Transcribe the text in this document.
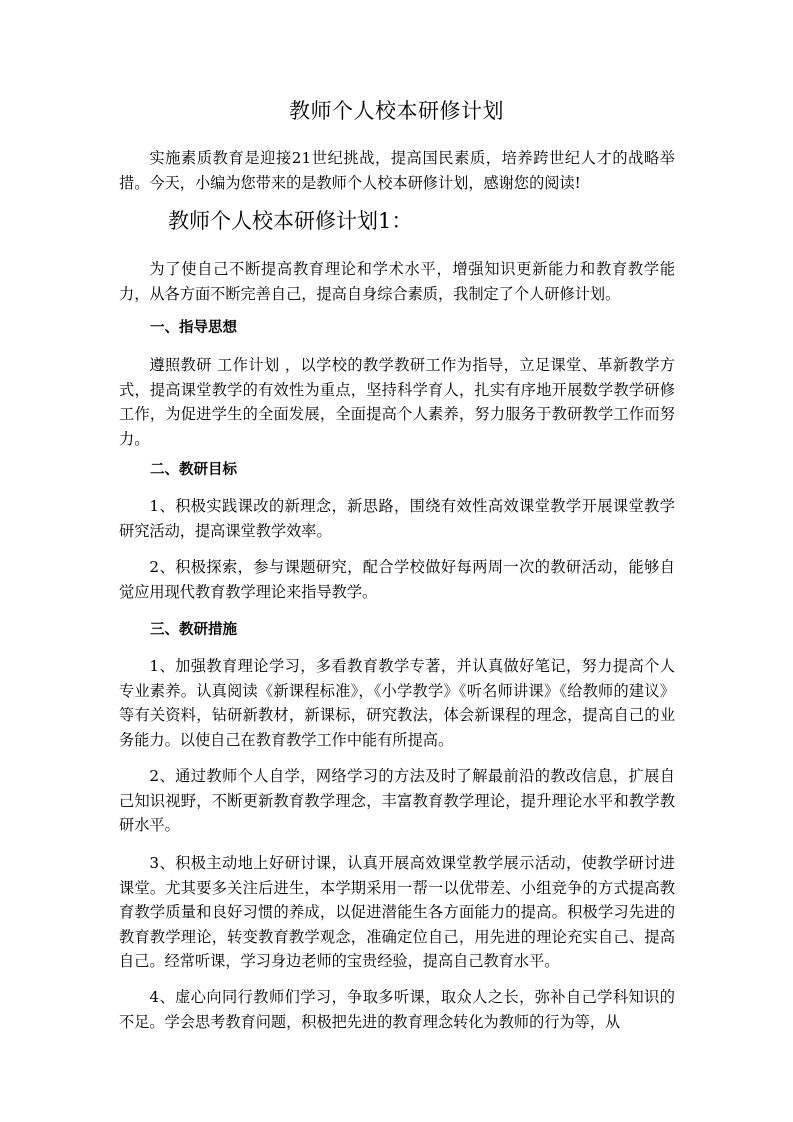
教师个人校本研修计划

实施素质教育是迎接21世纪挑战，提高国民素质，培养跨世纪人才的战略举措。今天，小编为您带来的是教师个人校本研修计划，感谢您的阅读!

教师个人校本研修计划1：

为了使自己不断提高教育理论和学术水平，增强知识更新能力和教育教学能力，从各方面不断完善自己，提高自身综合素质，我制定了个人研修计划。

一、指导思想

遵照教研 工作计划 ，以学校的教学教研工作为指导，立足课堂、革新教学方式，提高课堂教学的有效性为重点，坚持科学育人，扎实有序地开展数学教学研修工作，为促进学生的全面发展，全面提高个人素养，努力服务于教研教学工作而努力。

二、教研目标

1、积极实践课改的新理念，新思路，围绕有效性高效课堂教学开展课堂教学研究活动，提高课堂教学效率。

2、积极探索，参与课题研究，配合学校做好每两周一次的教研活动，能够自觉应用现代教育教学理论来指导教学。

三、教研措施

1、加强教育理论学习，多看教育教学专著，并认真做好笔记，努力提高个人专业素养。认真阅读《新课程标准》，《小学教学》《听名师讲课》《给教师的建议》等有关资料，钻研新教材，新课标，研究教法，体会新课程的理念，提高自己的业务能力。以使自己在教育教学工作中能有所提高。

2、通过教师个人自学，网络学习的方法及时了解最前沿的教改信息，扩展自己知识视野，不断更新教育教学理念，丰富教育教学理论，提升理论水平和教学教研水平。

3、积极主动地上好研讨课，认真开展高效课堂教学展示活动，使教学研讨进课堂。尤其要多关注后进生，本学期采用一帮一以优带差、小组竞争的方式提高教育教学质量和良好习惯的养成，以促进潜能生各方面能力的提高。积极学习先进的教育教学理论，转变教育教学观念，准确定位自己，用先进的理论充实自己、提高自己。经常听课，学习身边老师的宝贵经验，提高自己教育水平。

4、虚心向同行教师们学习，争取多听课，取众人之长，弥补自己学科知识的不足。学会思考教育问题，积极把先进的教育理念转化为教师的行为等，从
